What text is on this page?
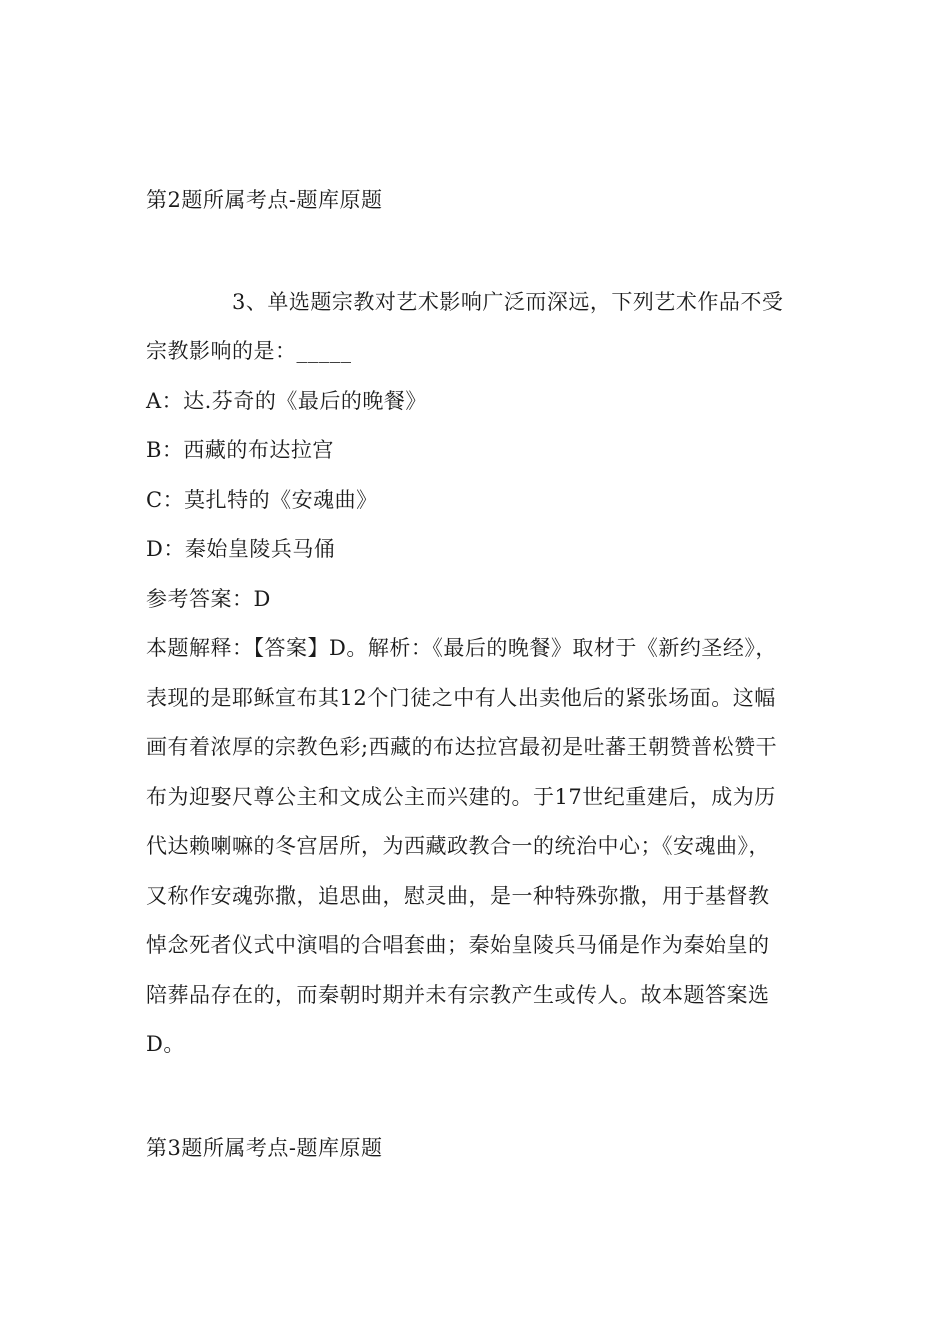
第2题所属考点-题库原题
3、单选题宗教对艺术影响广泛而深远，下列艺术作品不受
宗教影响的是：_____
A：达.芬奇的《最后的晚餐》
B：西藏的布达拉宫
C：莫扎特的《安魂曲》
D：秦始皇陵兵马俑
参考答案：D
本题解释：【答案】D。解析：《最后的晚餐》取材于《新约圣经》，
表现的是耶稣宣布其12个门徒之中有人出卖他后的紧张场面。这幅
画有着浓厚的宗教色彩;西藏的布达拉宫最初是吐蕃王朝赞普松赞干
布为迎娶尺尊公主和文成公主而兴建的。于17世纪重建后，成为历
代达赖喇嘛的冬宫居所，为西藏政教合一的统治中心；《安魂曲》，
又称作安魂弥撒，追思曲，慰灵曲，是一种特殊弥撒，用于基督教
悼念死者仪式中演唱的合唱套曲；秦始皇陵兵马俑是作为秦始皇的
陪葬品存在的，而秦朝时期并未有宗教产生或传人。故本题答案选
D。
第3题所属考点-题库原题
